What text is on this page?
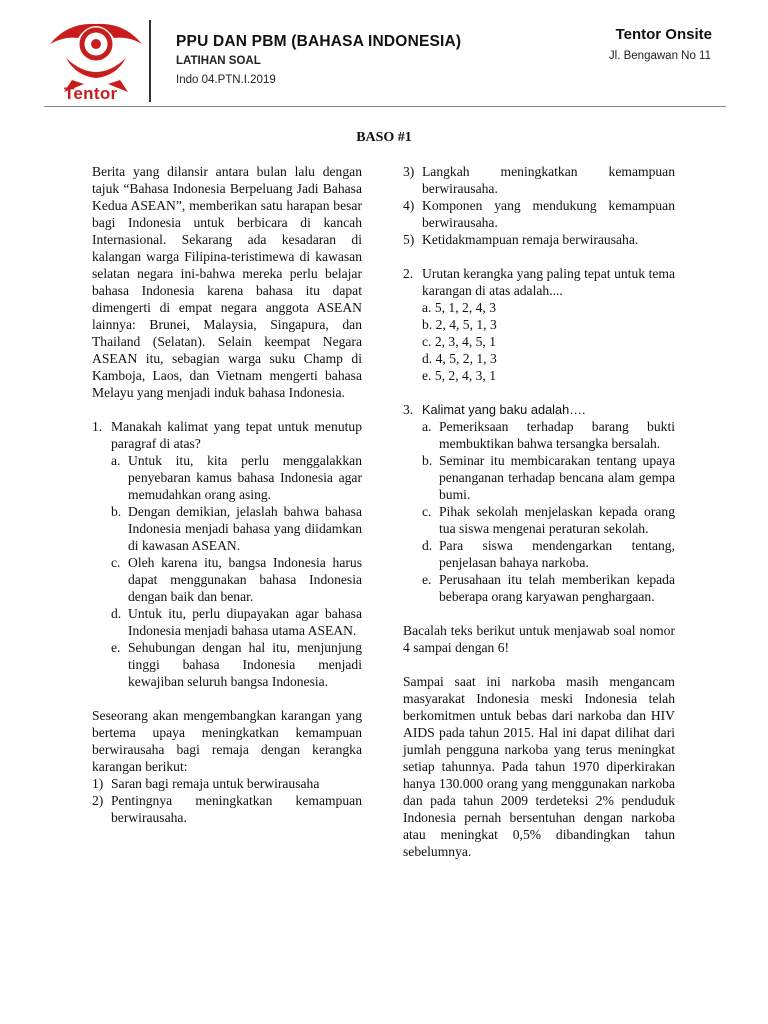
Tentor
PPU DAN PBM (BAHASA INDONESIA)
LATIHAN SOAL
Indo 04.PTN.I.2019
Tentor Onsite
Jl. Bengawan No 11
BASO #1

Berita yang dilansir antara bulan lalu dengan tajuk “Bahasa Indonesia Berpeluang Jadi Bahasa Kedua ASEAN”, memberikan satu harapan besar bagi Indonesia untuk berbicara di kancah Internasional. Sekarang ada kesadaran di kalangan warga Filipina-teristimewa di kawasan selatan negara ini-bahwa mereka perlu belajar bahasa Indonesia karena bahasa itu dapat dimengerti di empat negara anggota ASEAN lainnya: Brunei, Malaysia, Singapura, dan Thailand (Selatan). Selain keempat Negara ASEAN itu, sebagian warga suku Champ di Kamboja, Laos, dan Vietnam mengerti bahasa Melayu yang menjadi induk bahasa Indonesia.

1. Manakah kalimat yang tepat untuk menutup paragraf di atas?
a. Untuk itu, kita perlu menggalakkan penyebaran kamus bahasa Indonesia agar memudahkan orang asing.
b. Dengan demikian, jelaslah bahwa bahasa Indonesia menjadi bahasa yang diidamkan di kawasan ASEAN.
c. Oleh karena itu, bangsa Indonesia harus dapat menggunakan bahasa Indonesia dengan baik dan benar.
d. Untuk itu, perlu diupayakan agar bahasa Indonesia menjadi bahasa utama ASEAN.
e. Sehubungan dengan hal itu, menjunjung tinggi bahasa Indonesia menjadi kewajiban seluruh bangsa Indonesia.

Seseorang akan mengembangkan karangan yang bertema upaya meningkatkan kemampuan berwirausaha bagi remaja dengan kerangka karangan berikut:

1) Saran bagi remaja untuk berwirausaha
2) Pentingnya meningkatkan kemampuan berwirausaha.
3) Langkah meningkatkan kemampuan berwirausaha.
4) Komponen yang mendukung kemampuan berwirausaha.
5) Ketidakmampuan remaja berwirausaha.
2. Urutan kerangka yang paling tepat untuk tema karangan di atas adalah....
a. 5, 1, 2, 4, 3
b. 2, 4, 5, 1, 3
c. 2, 3, 4, 5, 1
d. 4, 5, 2, 1, 3
e. 5, 2, 4, 3, 1
3. Kalimat yang baku adalah….
a. Pemeriksaan terhadap barang bukti membuktikan bahwa tersangka bersalah.
b. Seminar itu membicarakan tentang upaya penanganan terhadap bencana alam gempa bumi.
c. Pihak sekolah menjelaskan kepada orang tua siswa mengenai peraturan sekolah.
d. Para siswa mendengarkan tentang, penjelasan bahaya narkoba.
e. Perusahaan itu telah memberikan kepada beberapa orang karyawan penghargaan.

Bacalah teks berikut untuk menjawab soal nomor 4 sampai dengan 6!

Sampai saat ini narkoba masih mengancam masyarakat Indonesia meski Indonesia telah berkomitmen untuk bebas dari narkoba dan HIV AIDS pada tahun 2015. Hal ini dapat dilihat dari jumlah pengguna narkoba yang terus meningkat setiap tahunnya. Pada tahun 1970 diperkirakan hanya 130.000 orang yang menggunakan narkoba dan pada tahun 2009 terdeteksi 2% penduduk Indonesia pernah bersentuhan dengan narkoba atau meningkat 0,5% dibandingkan tahun sebelumnya.
